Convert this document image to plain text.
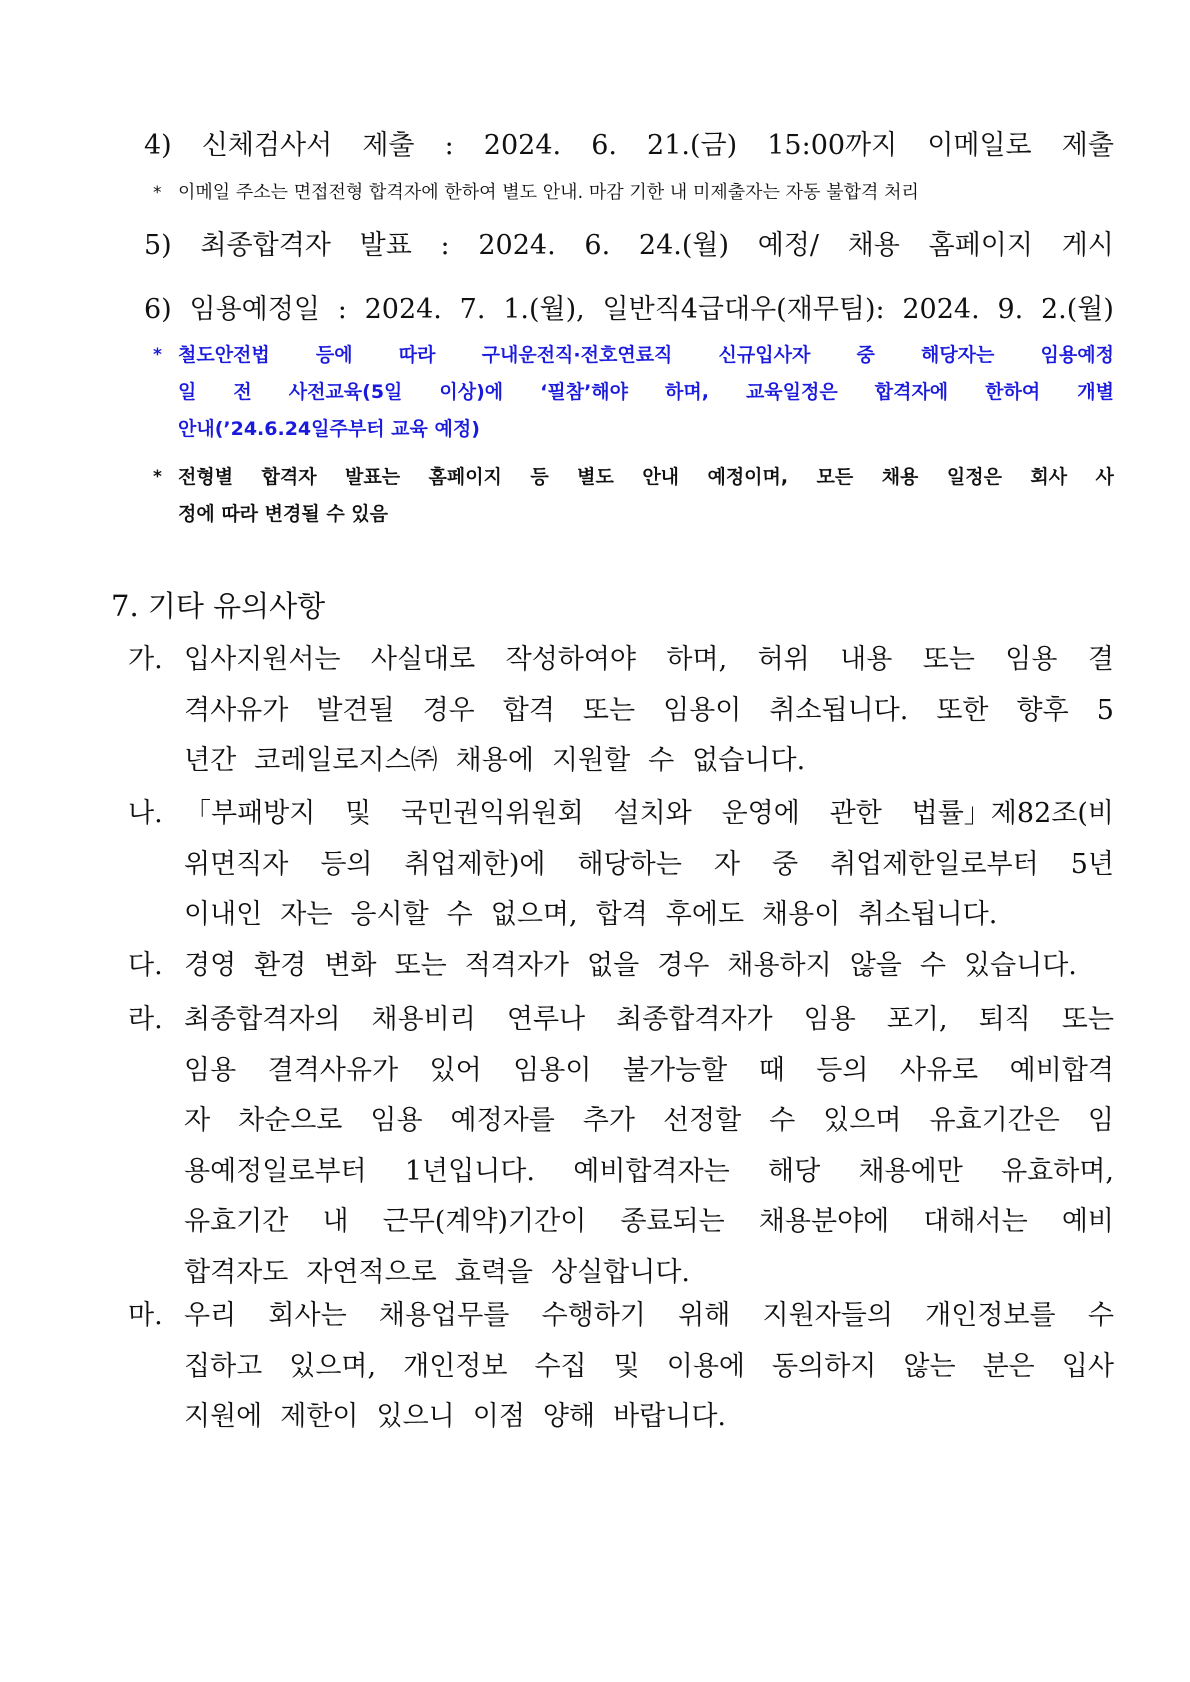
4) 신체검사서 제출 : 2024. 6. 21.(금) 15:00까지 이메일로 제출
* 이메일 주소는 면접전형 합격자에 한하여 별도 안내. 마감 기한 내 미제출자는 자동 불합격 처리
5) 최종합격자 발표 : 2024. 6. 24.(월) 예정/ 채용 홈페이지 게시
6) 임용예정일 : 2024. 7. 1.(월), 일반직4급대우(재무팀): 2024. 9. 2.(월)
* 철도안전법 등에 따라 구내운전직·전호연료직 신규입사자 중 해당자는 임용예정
일 전 사전교육(5일 이상)에 ‘필참’해야 하며, 교육일정은 합격자에 한하여 개별
안내(’24.6.24일주부터 교육 예정)
* 전형별 합격자 발표는 홈페이지 등 별도 안내 예정이며, 모든 채용 일정은 회사 사
정에 따라 변경될 수 있음
7. 기타 유의사항
가. 입사지원서는 사실대로 작성하여야 하며, 허위 내용 또는 임용 결
격사유가 발견될 경우 합격 또는 임용이 취소됩니다. 또한 향후 5
년간 코레일로지스㈜ 채용에 지원할 수 없습니다.
나. 「부패방지 및 국민권익위원회 설치와 운영에 관한 법률」제82조(비
위면직자 등의 취업제한)에 해당하는 자 중 취업제한일로부터 5년
이내인 자는 응시할 수 없으며, 합격 후에도 채용이 취소됩니다.
다. 경영 환경 변화 또는 적격자가 없을 경우 채용하지 않을 수 있습니다.
라. 최종합격자의 채용비리 연루나 최종합격자가 임용 포기, 퇴직 또는
임용 결격사유가 있어 임용이 불가능할 때 등의 사유로 예비합격
자 차순으로 임용 예정자를 추가 선정할 수 있으며 유효기간은 임
용예정일로부터 1년입니다. 예비합격자는 해당 채용에만 유효하며,
유효기간 내 근무(계약)기간이 종료되는 채용분야에 대해서는 예비
합격자도 자연적으로 효력을 상실합니다.
마. 우리 회사는 채용업무를 수행하기 위해 지원자들의 개인정보를 수
집하고 있으며, 개인정보 수집 및 이용에 동의하지 않는 분은 입사
지원에 제한이 있으니 이점 양해 바랍니다.
